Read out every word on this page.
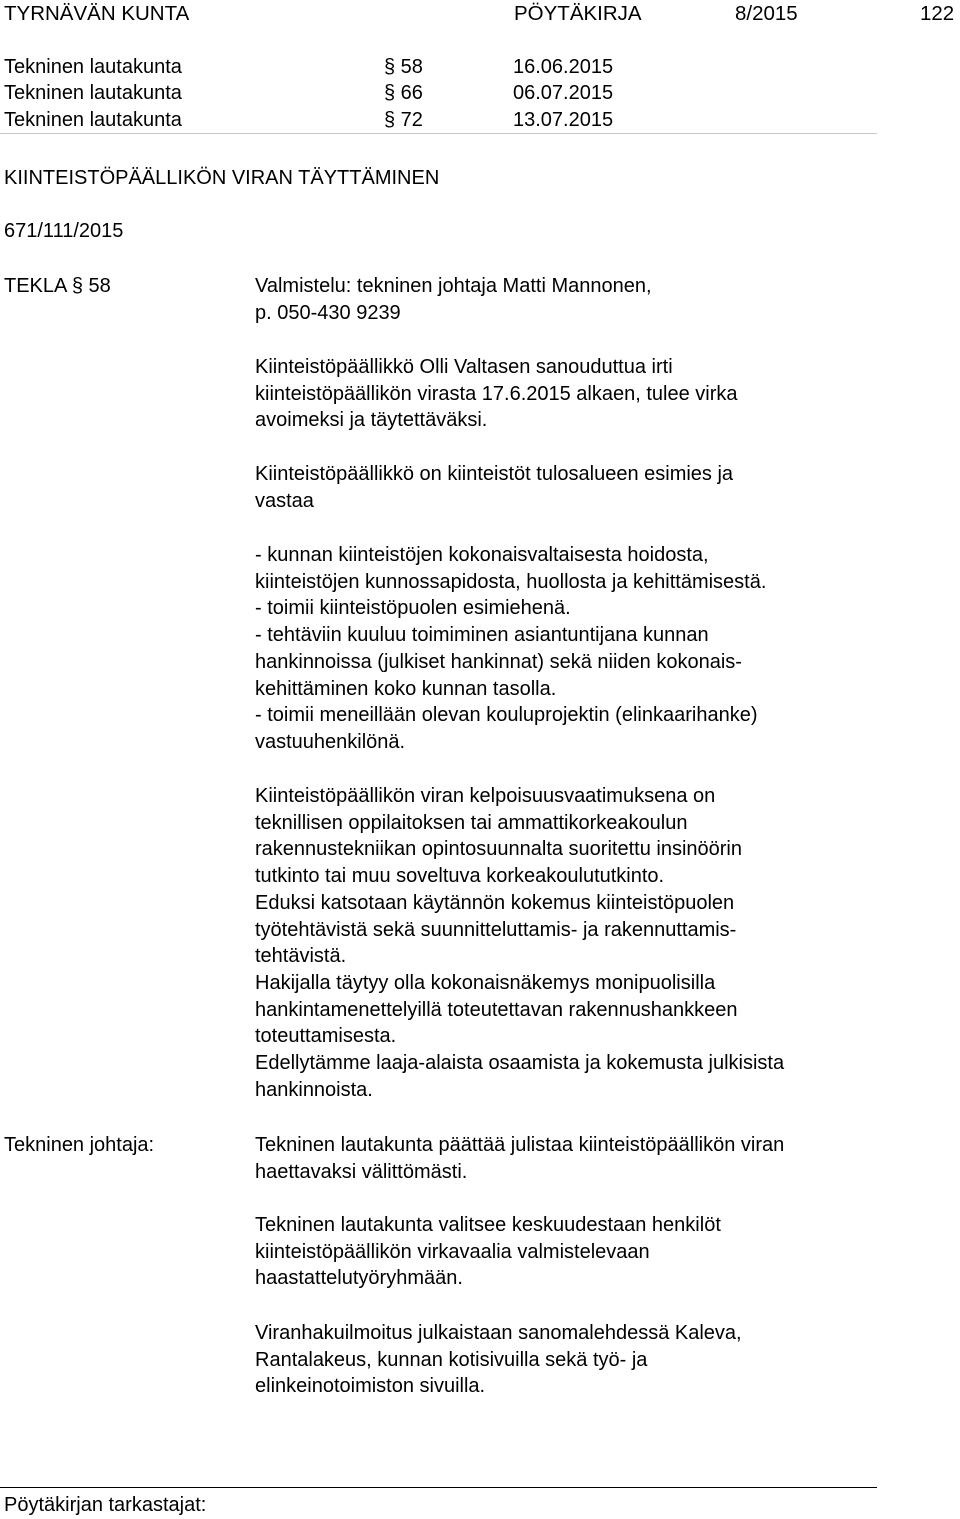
TYRNÄVÄN KUNTA	PÖYTÄKIRJA	8/2015	122
Tekninen lautakunta	§ 58	16.06.2015
Tekninen lautakunta	§ 66	06.07.2015
Tekninen lautakunta	§ 72	13.07.2015
KIINTEISTÖPÄÄLLIKÖN VIRAN TÄYTTÄMINEN
671/111/2015
TEKLA § 58	Valmistelu: tekninen johtaja Matti Mannonen,
p. 050-430 9239
Kiinteistöpäällikkö Olli Valtasen sanouduttua irti
kiinteistöpäällikön virasta 17.6.2015 alkaen, tulee virka
avoimeksi ja täytettäväksi.
Kiinteistöpäällikkö on kiinteistöt tulosalueen esimies ja
vastaa
- kunnan kiinteistöjen kokonaisvaltaisesta hoidosta,
kiinteistöjen kunnossapidosta, huollosta ja kehittämisestä.
- toimii kiinteistöpuolen esimiehenä.
- tehtäviin kuuluu toimiminen asiantuntijana kunnan
hankinnoissa (julkiset hankinnat) sekä niiden kokonais-
kehittäminen koko kunnan tasolla.
- toimii meneillään olevan kouluprojektin (elinkaarihanke)
vastuuhenkilönä.
Kiinteistöpäällikön viran kelpoisuusvaatimuksena on
teknillisen oppilaitoksen tai ammattikorkeakoulun
rakennustekniikan opintosuunnalta suoritettu insinöörin
tutkinto tai muu soveltuva korkeakoulututkinto.
Eduksi katsotaan käytännön kokemus kiinteistöpuolen
työtehtävistä sekä suunnitteluttamis- ja rakennuttamis-
tehtävistä.
Hakijalla täytyy olla kokonaisnäkemys monipuolisilla
hankintamenettelyillä toteutettavan rakennushankkeen
toteuttamisesta.
Edellytämme laaja-alaista osaamista ja kokemusta julkisista
hankinnoista.
Tekninen johtaja:	Tekninen lautakunta päättää julistaa kiinteistöpäällikön viran
haettavaksi välittömästi.
Tekninen lautakunta valitsee keskuudestaan henkilöt
kiinteistöpäällikön virkavaalia valmistelevaan
haastattelutyöryhmään.
Viranhakuilmoitus julkaistaan sanomalehdessä Kaleva,
Rantalakeus, kunnan kotisivuilla sekä työ- ja
elinkeinotoimiston sivuilla.
Pöytäkirjan tarkastajat:
